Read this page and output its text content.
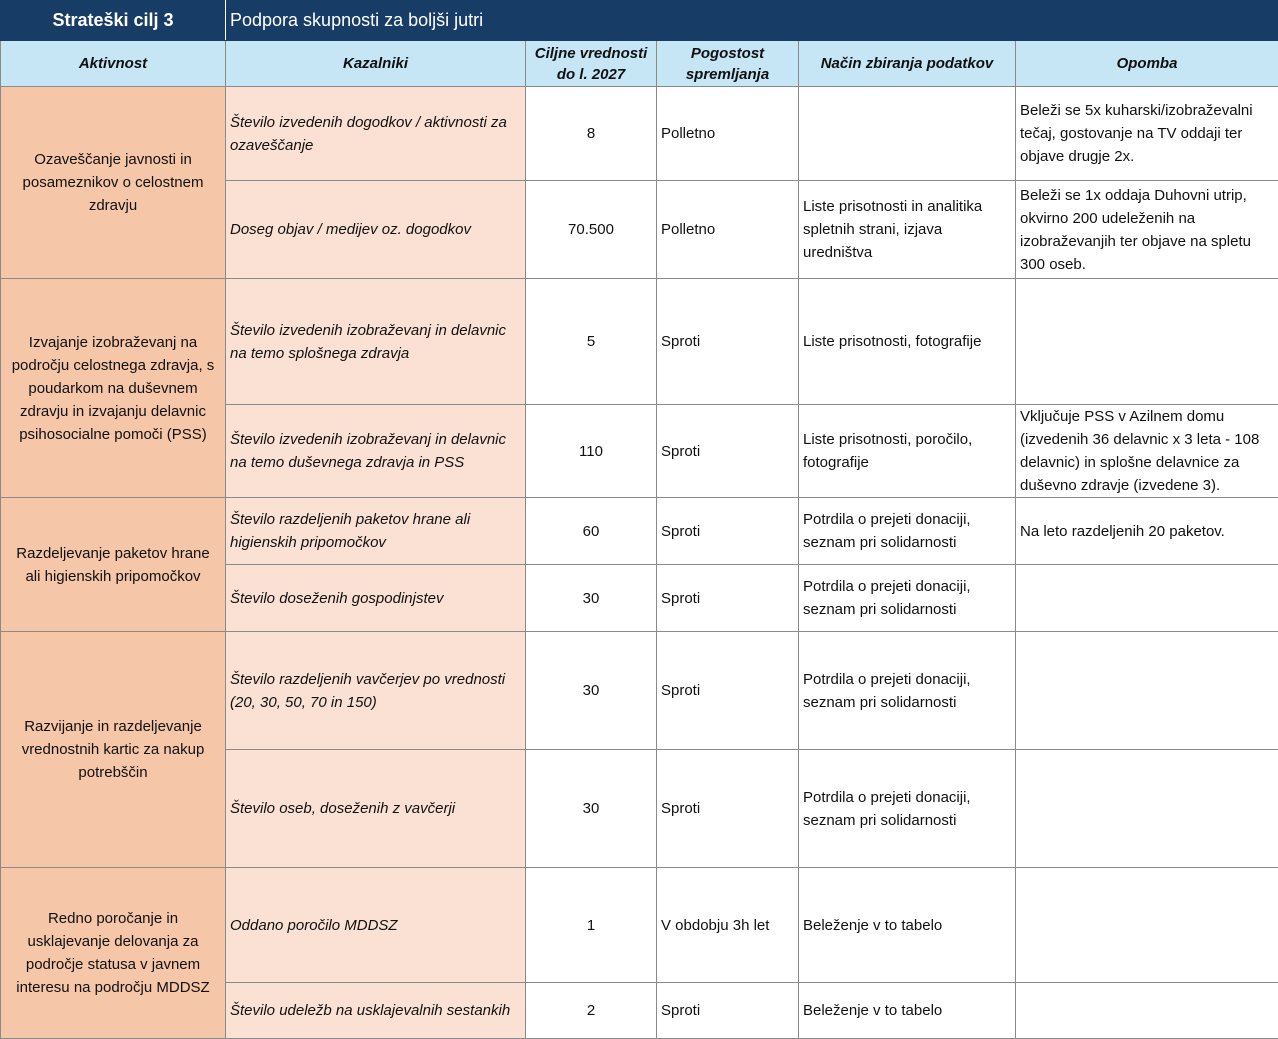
Strateški cilj 3	Podpora skupnosti za boljši jutri				
Aktivnost	Kazalniki	Ciljne vrednosti do l. 2027	Pogostost spremljanja	Način zbiranja podatkov	Opomba
Ozaveščanje javnosti in posameznikov o celostnem zdravju	Število izvedenih dogodkov / aktivnosti za ozaveščanje	8	Polletno		Beleži se 5x kuharski/izobraževalni tečaj, gostovanje na TV oddaji ter objave drugje 2x.
	Doseg objav / medijev oz. dogodkov	70.500	Polletno	Liste prisotnosti in analitika spletnih strani, izjava uredništva	Beleži se 1x oddaja Duhovni utrip, okvirno 200 udeleženih na izobraževanjih ter objave na spletu 300 oseb.
Izvajanje izobraževanj na področju celostnega zdravja, s poudarkom na duševnem zdravju in izvajanju delavnic psihosocialne pomoči (PSS)	Število izvedenih izobraževanj in delavnic na temo splošnega zdravja	5	Sproti	Liste prisotnosti, fotografije	
	Število izvedenih izobraževanj in delavnic na temo duševnega zdravja in PSS	110	Sproti	Liste prisotnosti, poročilo, fotografije	Vključuje PSS v Azilnem domu (izvedenih 36 delavnic x 3 leta - 108 delavnic) in splošne delavnice za duševno zdravje (izvedene 3).
Razdeljevanje paketov hrane ali higienskih pripomočkov	Število razdeljenih paketov hrane ali higienskih pripomočkov	60	Sproti	Potrdila o prejeti donaciji, seznam pri solidarnosti	Na leto razdeljenih 20 paketov.
	Število doseženih gospodinjstev	30	Sproti	Potrdila o prejeti donaciji, seznam pri solidarnosti	
Razvijanje in razdeljevanje vrednostnih kartic za nakup potrebščin	Število razdeljenih vavčerjev po vrednosti (20, 30, 50, 70 in 150)	30	Sproti	Potrdila o prejeti donaciji, seznam pri solidarnosti	
	Število oseb, doseženih z vavčerji	30	Sproti	Potrdila o prejeti donaciji, seznam pri solidarnosti	
Redno poročanje in usklajevanje delovanja za področje statusa v javnem interesu na področju MDDSZ	Oddano poročilo MDDSZ	1	V obdobju 3h let	Beleženje v to tabelo	
	Število udeležb na usklajevalnih sestankih	2	Sproti	Beleženje v to tabelo	
